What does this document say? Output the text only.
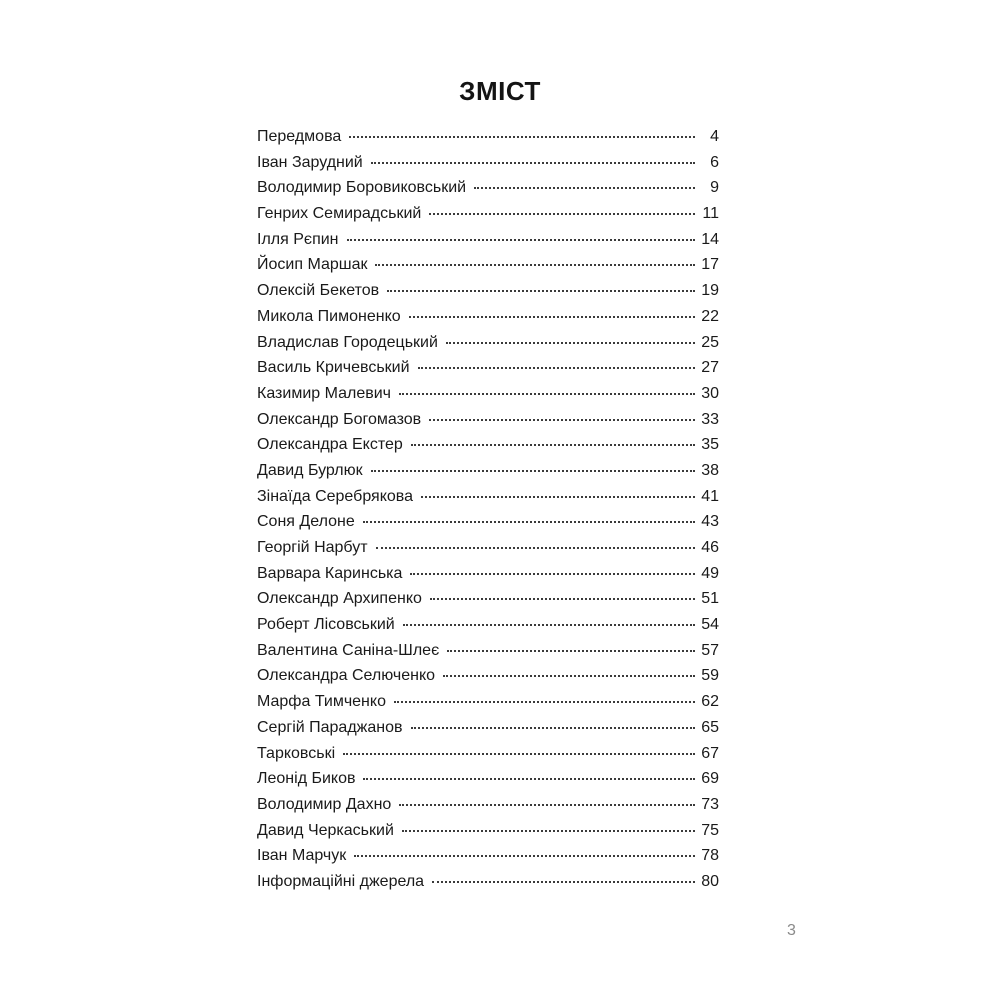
ЗМІСТ
Передмова	4
Іван Зарудний	6
Володимир Боровиковський	9
Генрих Семирадський	11
Ілля Рєпин	14
Йосип Маршак	17
Олексій Бекетов	19
Микола Пимоненко	22
Владислав Городецький	25
Василь Кричевський	27
Казимир Малевич	30
Олександр Богомазов	33
Олександра Екстер	35
Давид Бурлюк	38
Зінаїда Серебрякова	41
Соня Делоне	43
Георгій Нарбут	46
Варвара Каринська	49
Олександр Архипенко	51
Роберт Лісовський	54
Валентина Саніна-Шлеє	57
Олександра Селюченко	59
Марфа Тимченко	62
Сергій Параджанов	65
Тарковські	67
Леонід Биков	69
Володимир Дахно	73
Давид Черкаський	75
Іван Марчук	78
Інформаційні джерела	80
3
